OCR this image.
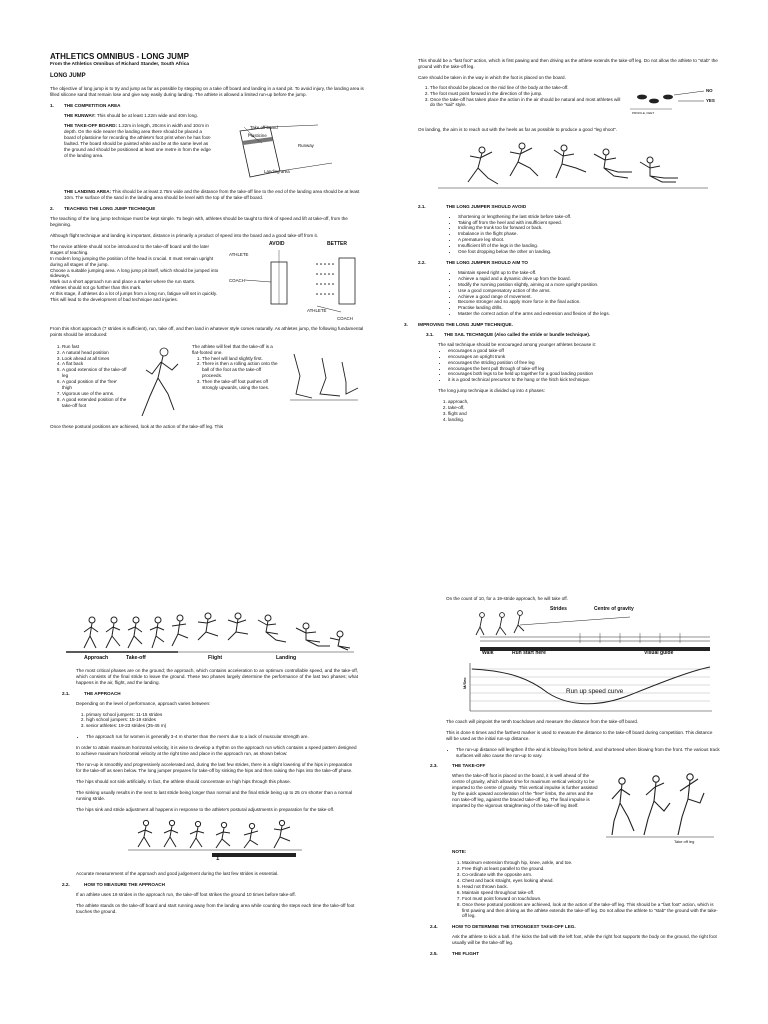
ATHLETICS OMNIBUS - LONG JUMP
From the Athletics Omnibus of Richard Stander, South Africa
LONG JUMP

The objective of long jump is to try and jump as far as possible by stepping on a take off board and landing in a sand pit. To avoid injury, the landing area is filled silicone sand that remain lose and give way easily during landing. The athlete is allowed a limited run-up before the jump.

1. THE COMPETITION AREA

THE RUNWAY: This should be at least 1.22m wide and 40m long.

THE TAKE-OFF BOARD: 1.22m in length, 20cms in width and 10cm in depth. On the side nearer the landing area there should be placed a board of plasticine for recording the athlete's foot print when he has foot-faulted. The board should be painted white and be at the same level as the ground and should be positioned at least one metre in from the edge of the landing area.

Take off board
Plasticine
Runway
Landing area

THE LANDING AREA: This should be at least 2.75m wide and the distance from the take-off line to the end of the landing area should be at least 10m. The surface of the sand in the landing area should be level with the top of the take-off board.

2. TEACHING THE LONG JUMP TECHNIQUE

The teaching of the long jump technique must be kept simple. To begin with, athletes should be taught to think of speed and lift at take-off, from the beginning.

Although flight technique and landing is important, distance is primarily a product of speed into the board and a good take-off from it.

The novice athlete should not be introduced to the take-off board until the later stages of teaching.
In modern long jumping the position of the head is crucial. It must remain upright during all stages of the jump.
Choose a suitable jumping area. A long jump pit itself, which should be jumped into sideways.
Mark out a short approach run and place a marker where the run starts.
Athletes should not go further than this mark.
At this stage, if athletes do a lot of jumps from a long run, fatigue will set in quickly. This will lead to the development of bad technique and injuries.
AVOID	BETTER
ATHLETE
COACH
ATHLETE
COACH

From this short approach (7 strides is sufficient), run, take off, and then land in whatever style comes naturally. As athletes jump, the following fundamental points should be introduced:

1. Run fast
2. A natural head position
3. Look ahead at all times
4. A flat back
5. A good extension of the take-off leg
6. A good position of the 'free' thigh
7. Vigorous use of the arms.
8. A good extended position of the take-off foot
The athlete will feel that the take-off is a flat-footed one.
1. The heel will land slightly first.
2. There is then a rolling action onto the ball of the foot as the take-off proceeds.
3. Then the take-off foot pushes off strongly upwards, using the toes.

Once these postural positions are achieved, look at the action of the take-off leg. This

This should be a "fast foot" action, which is first pawing and then driving as the athlete extends the take-off leg. Do not allow the athlete to "stab" the ground with the take-off leg.

Care should be taken in the way in which the foot is placed on the board.
1. The foot should be placed on the mid line of the body at the take-off.
2. The foot must point forward in the direction of the jump.
3. Once the take-off has taken place the action in the air should be natural and most athletes will do the "sail" style.
NO
YES
PROFILE, FEET

On landing, the aim is to reach out with the heels as far as possible to produce a good "leg shoot".

2.1.	THE LONG JUMPER SHOULD AVOID
• Shortening or lengthening the last stride before take-off.
• Taking off from the heel and with insufficient speed.
• Inclining the trunk too far forward or back.
• Imbalance in the flight phase.
• A premature leg shoot.
• Insufficient lift of the legs in the landing.
• One foot dropping below the other on landing.
2.2.	THE LONG JUMPER SHOULD AIM TO
• Maintain speed right up to the take-off.
• Achieve a rapid and a dynamic drive up from the board.
• Modify the running position slightly, aiming at a more upright position.
• Use a good compensatory action of the arms.
• Achieve a good range of movement.
• Become stronger and so apply more force in the final action.
• Practise landing drills.
• Master the correct action of the arms and extension and flexion of the legs.
3. IMPROVING THE LONG JUMP TECHNIQUE.
3.1. THE SAIL TECHNIQUE (Also called the stride or bundle technique).
The sail technique should be encouraged among younger athletes because it:
• encourages a good take-off
• encourages an upright trunk
• encourages the striding position of free leg
• encourages the bent pull through of take-off leg
• encourages both legs to be held up together for a good landing position
• it is a good technical precursor to the hang or the hitch kick technique.
The long jump technique is divided up into 4 phases:
1. approach,
2. take-off,
3. flight and
4. landing.
Approach	Take-off	Flight	Landing

The most critical phases are on the ground; the approach, which contains acceleration to an optimum controllable speed, and the take-off, which consists of the final stride to leave the ground. These two phases largely determine the performance of the last two phases; what happens in the air, flight, and the landing.

2.1.	THE APPROACH

Depending on the level of performance, approach varies between:

1. primary school jumpers: 11-15 strides
2. high school jumpers: 15-19 strides
3. senior athletes: 19-23 strides (35-45 m)
• The approach run for women is generally 3-4 m shorter than the men's due to a lack of muscular strength are.

In order to attain maximum horizontal velocity, it is wise to develop a rhythm on the approach run which contains a speed pattern designed to achieve maximum horizontal velocity at the right time and place in the approach run, as shown below:

The run-up is smoothly and progressively accelerated and, during the last few strides, there is a slight lowering of the hips in preparation for the take-off as seen below. The long jumper prepares for take-off by sinking the hips and then raising the hips into the take-off phase.

The hips should not sink artificially. In fact, the athlete should concentrate on high hips through this phase.

The sinking usually results in the next to last stride being longer than normal and the final stride being up to 25 cm shorter than a normal running stride.

The hips sink and stride adjustment all happens in response to the athlete's postural adjustments in preparation for the take-off.

1

Accurate measurement of the approach and good judgement during the last few strides is essential.

2.2.	HOW TO MEASURE THE APPROACH

If an athlete uses 19 strides in the approach run, the take-off foot strikes the ground 10 times before take-off.

The athlete stands on the take-off board and start running away from the landing area while counting the steps each time the take-off foot touches the ground.

On the count of 10, for a 19-stride approach, he will take off.

Strides	Centre of gravity
Walk	Run start here	Visual guide
Run up speed curve
M/Sec

The coach will pinpoint the tenth touchdown and measure the distance from the take-off board.

This is done 6 times and the farthest marker is used to measure the distance to the take-off board during competition. This distance will be used as the initial run-up distance.

• The run-up distance will lengthen if the wind is blowing from behind, and shortened when blowing from the front. The various track surfaces will also cause the run-up to vary.
2.3.	THE TAKE-OFF

When the take-off foot is placed on the board, it is well ahead of the centre of gravity, which allows time for maximum vertical velocity to be imparted to the centre of gravity. This vertical impulse is further assisted by the quick upward acceleration of the "free" limbs, the arms and the non take-off leg, against the braced take-off leg. The final impulse is imparted by the vigorous straightening of the take-off leg itself.

Take off leg
NOTE:
1. Maximum extension through hip, knee, ankle, and toe.
2. Free thigh at least parallel to the ground.
3. Co-ordinate with the opposite arm.
4. Chest and back straight, eyes looking ahead.
5. Head not thrown back.
6. Maintain speed throughout take-off.
7. Foot must point forward on touchdown.
8. Once these postural positions are achieved, look at the action of the take-off leg. This should be a "fast foot" action, which is first pawing and then driving as the athlete extends the take-off leg. Do not allow the athlete to "stab" the ground with the take-off leg.
2.4.	HOW TO DETERMINE THE STRONGEST TAKE-OFF LEG.

Ask the athlete to kick a ball. If he kicks the ball with the left foot, while the right foot supports the body on the ground, the right foot usually will be the take-off leg.

2.5.	THE FLIGHT
